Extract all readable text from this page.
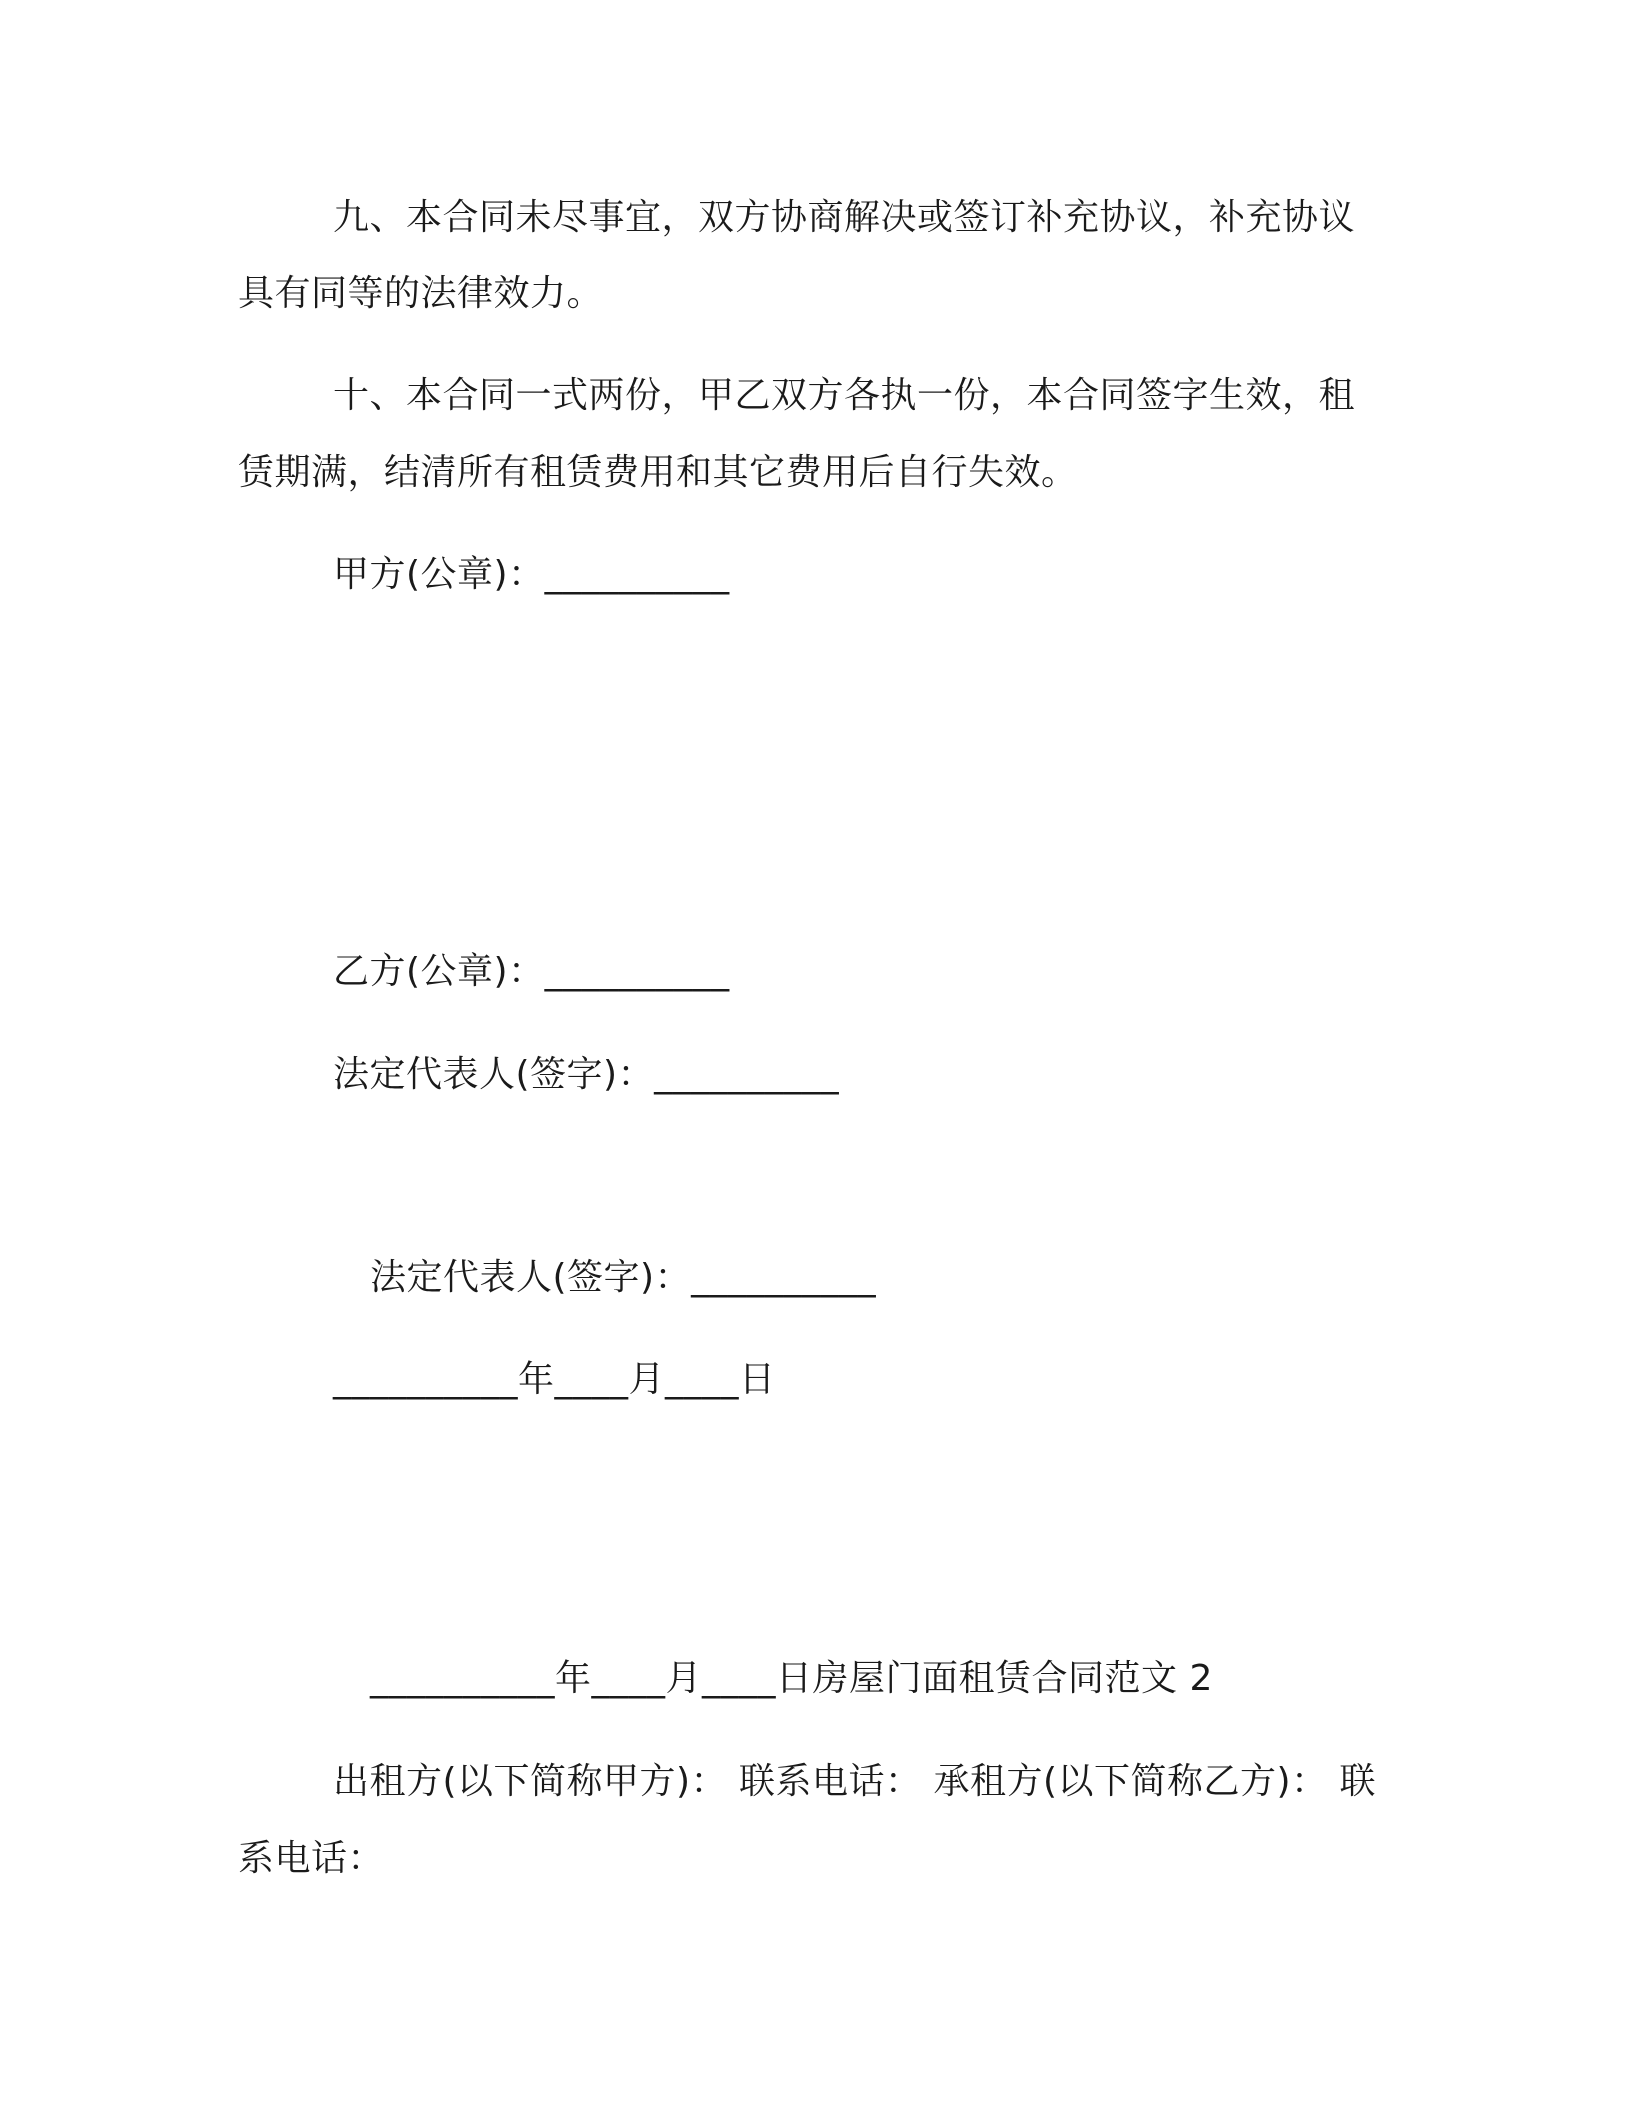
九、本合同未尽事宜，双方协商解决或签订补充协议，补充协议
具有同等的法律效力。
十、本合同一式两份，甲乙双方各执一份，本合同签字生效，租
赁期满，结清所有租赁费用和其它费用后自行失效。
甲方(公章)：__________
乙方(公章)：__________
法定代表人(签字)：__________
法定代表人(签字)：__________
__________年____月____日
__________年____月____日房屋门面租赁合同范文 2
出租方(以下简称甲方)： 联系电话： 承租方(以下简称乙方)： 联
系电话：
